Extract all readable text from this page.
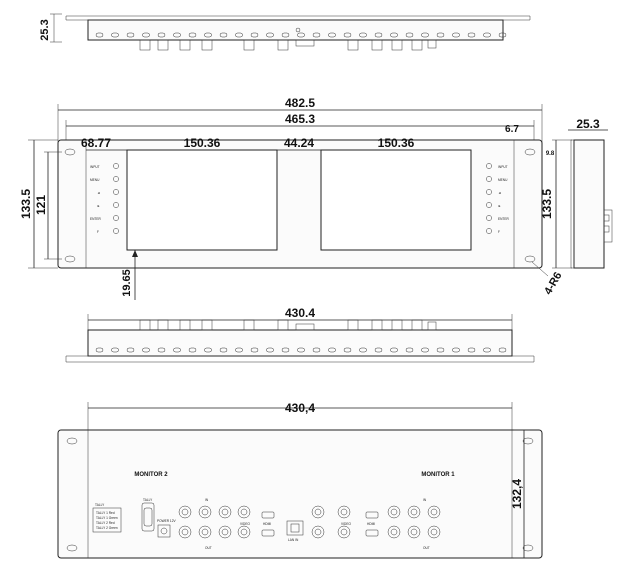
25.3
482.5
465.3
6.7
68.77	150.36	44.24	150.36
133.5 121
19.65	4-R6
25.3
133.5
9.8
430.4
430,4
132,4
MONITOR 2	MONITOR 1
TALLY
TALLY 1 Red
TALLY 1 Green
TALLY 2 Red
TALLY 2 Green
TALLY
POWER 12V
LAN IN
HDMI	HDMI
IN
OUT
IN
OUT
VIDEO	VIDEO
INPUT
MENU
◄
►
ENTER
F
INPUT
MENU
◄
►
ENTER
F
